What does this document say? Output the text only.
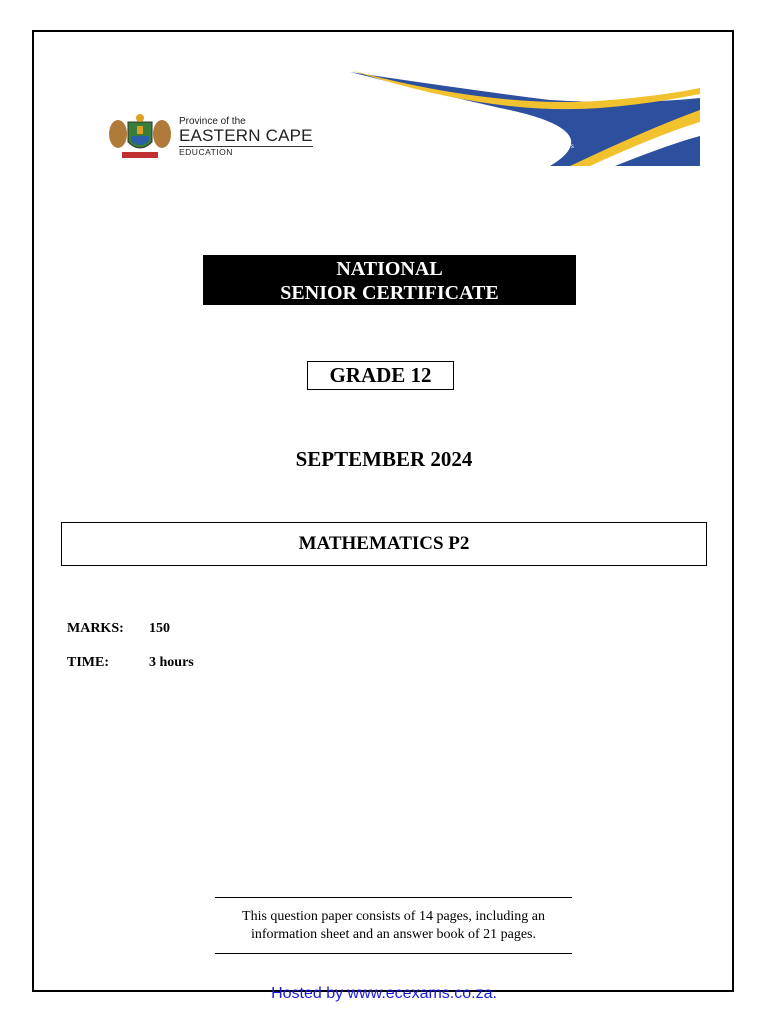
Province of the
EASTERN CAPE
EDUCATION
Iphondo leMpuma Kapa: Isebe leMfundo
Provinsie van die Oos Kaap: Departement van Onderwys
Porafensie Ya Kapa Botjhabela: Lefapha la Thuto
NATIONAL
SENIOR CERTIFICATE
GRADE 12
SEPTEMBER 2024
MATHEMATICS P2
MARKS: 150
TIME:	3 hours
This question paper consists of 14 pages, including an
information sheet and an answer book of 21 pages.
Hosted by www.ecexams.co.za.
